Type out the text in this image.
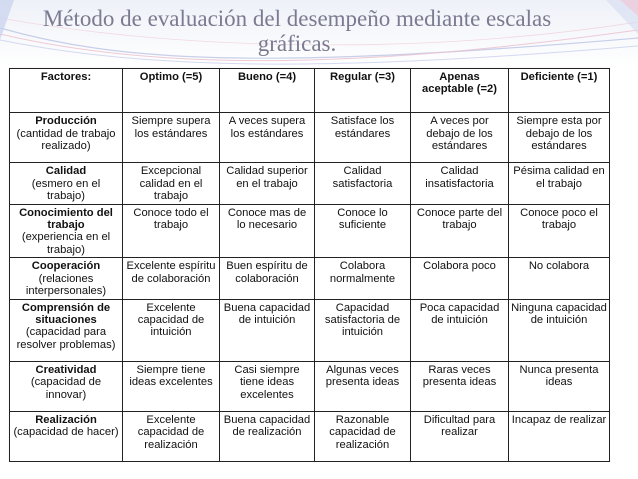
Método de evaluación del desempeño mediante escalas
gráficas.
Factores:	Optimo (=5)	Bueno (=4)	Regular (=3)	Apenas aceptable (=2)	Deficiente (=1)

Producción
(cantidad de trabajo realizado)	Siempre supera los estándares	A veces supera los estándares	Satisface los estándares	A veces por debajo de los estándares	Siempre esta por debajo de los estándares

Calidad
(esmero en el trabajo)	Excepcional calidad en el trabajo	Calidad superior en el trabajo	Calidad satisfactoria	Calidad insatisfactoria	Pésima calidad en el trabajo

Conocimiento del trabajo
(experiencia en el trabajo)	Conoce todo el trabajo	Conoce mas de lo necesario	Conoce lo suficiente	Conoce parte del trabajo	Conoce poco el trabajo

Cooperación
(relaciones interpersonales)	Excelente espíritu de colaboración	Buen espíritu de colaboración	Colabora normalmente	Colabora poco	No colabora

Comprensión de situaciones
(capacidad para resolver problemas)	Excelente capacidad de intuición	Buena capacidad de intuición	Capacidad satisfactoria de intuición	Poca capacidad de intuición	Ninguna capacidad de intuición

Creatividad
(capacidad de innovar)	Siempre tiene ideas excelentes	Casi siempre tiene ideas excelentes	Algunas veces presenta ideas	Raras veces presenta ideas	Nunca presenta ideas

Realización
(capacidad de hacer)	Excelente capacidad de realización	Buena capacidad de realización	Razonable capacidad de realización	Dificultad para realizar	Incapaz de realizar
